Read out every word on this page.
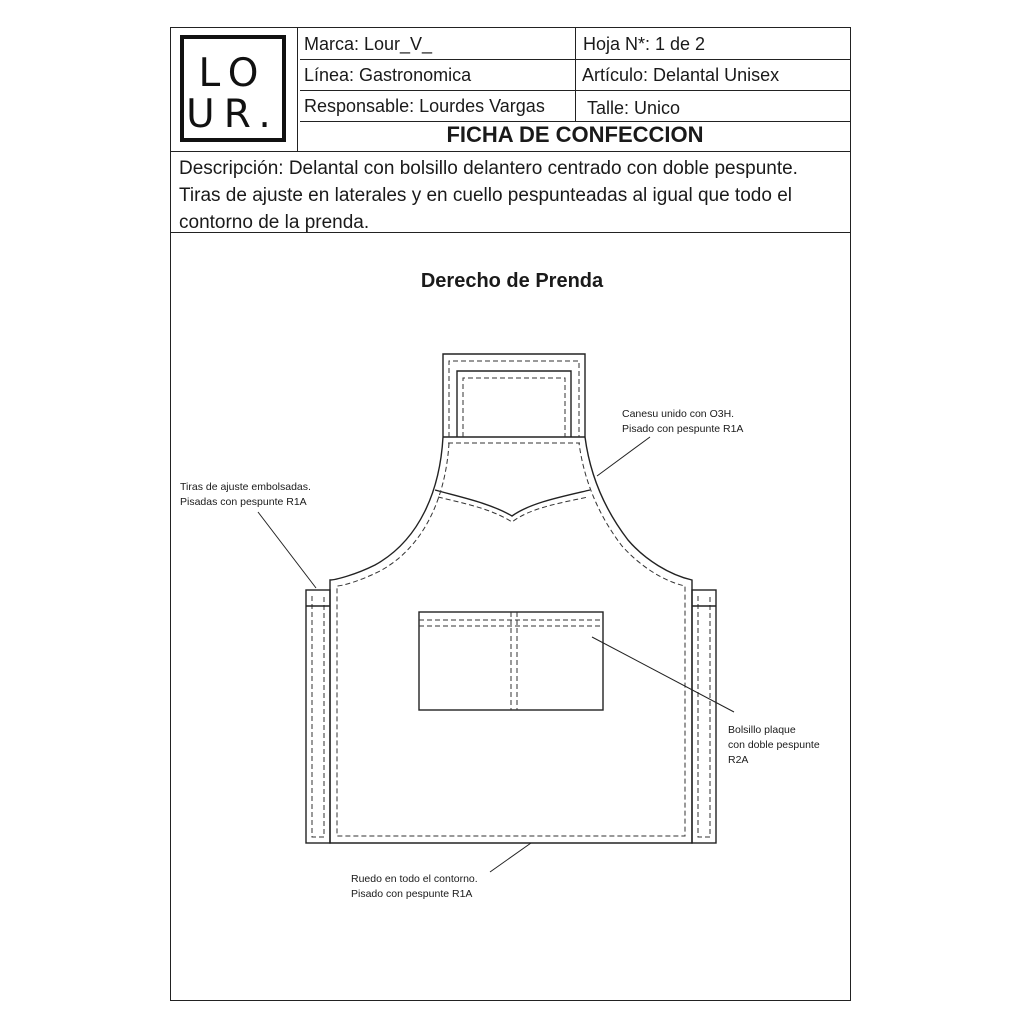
LO
UR.
Marca: Lour_V_	Hoja N*: 1 de 2
Línea: Gastronomica	Artículo: Delantal Unisex
Responsable: Lourdes Vargas Talle: Unico
FICHA DE CONFECCION
Descripción: Delantal con bolsillo delantero centrado con doble pespunte.
Tiras de ajuste en laterales y en cuello pespunteadas al igual que todo el
contorno de la prenda.
Derecho de Prenda
Canesu unido con O3H.
Pisado con pespunte R1A
Tiras de ajuste embolsadas.
Pisadas con pespunte R1A
Bolsillo plaque
con doble pespunte
R2A
Ruedo en todo el contorno.
Pisado con pespunte R1A
